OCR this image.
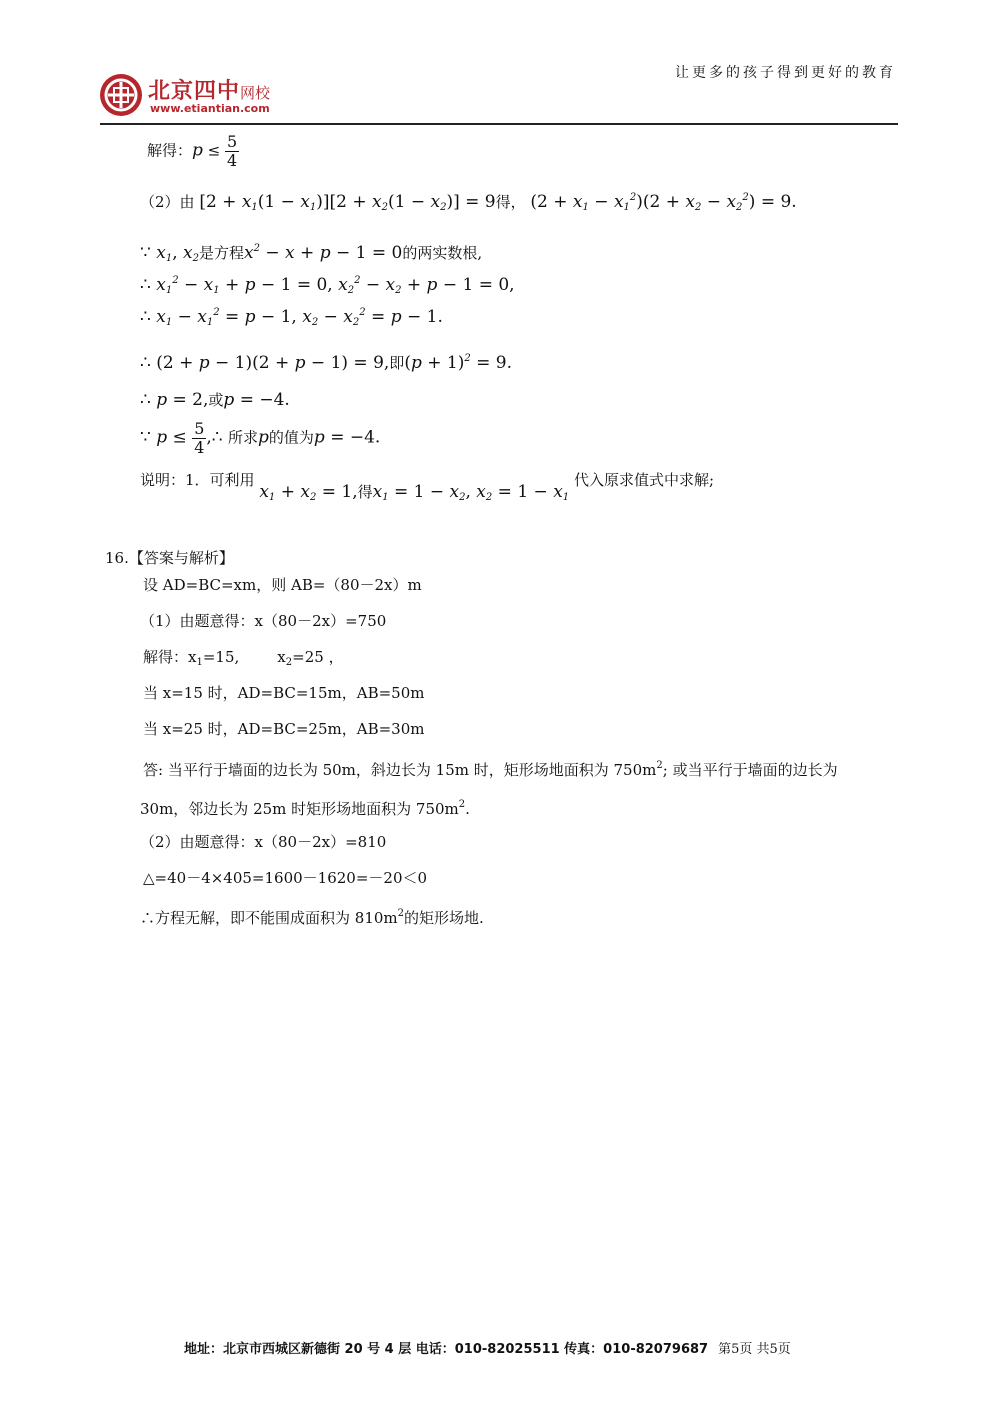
北京四中网校
www.etiantian.com
让更多的孩子得到更好的教育
解得：$p \le \frac{5}{4}$
（2）由 $[2 + x_1(1 - x_1)][2 + x_2(1 - x_2)] = 9$得， $(2 + x_1 - x_1^2)(2 + x_2 - x_2^2) = 9$.
∵ $x_1$, $x_2$是方程$x^2 - x + p - 1 = 0$的两实数根,
∴ $x_1^2 - x_1 + p - 1 = 0$, $x_2^2 - x_2 + p - 1 = 0$,
∴ $x_1 - x_1^2 = p - 1$, $x_2 - x_2^2 = p - 1$.
∴ (2 + p − 1)(2 + p − 1) = 9,即$(p + 1)^2 = 9$.
∴ p = 2,或p = −4.
∵ $p \le \frac{5}{4}$ ,∴ 所求p的值为p = −4.
说明：1．可利用 $x_1 + x_2 = 1$,得$x_1 = 1 - x_2$, $x_2 = 1 - x_1$ 代入原求值式中求解;
16.【答案与解析】
设 AD=BC=xm，则 AB=（80－2x）m
（1）由题意得：x（80－2x）=750
解得：$x_1=15$,	$x_2=25$ ，
当 x=15 时，AD=BC=15m，AB=50m
当 x=25 时，AD=BC=25m，AB=30m
答: 当平行于墙面的边长为 50m，斜边长为 15m 时，矩形场地面积为 $750m^2$; 或当平行于墙面的边长为
30m，邻边长为 25m 时矩形场地面积为 $750m^2$.
（2）由题意得：x（80－2x）=810
△=40－4×405=1600－1620=－20＜0
∴方程无解，即不能围成面积为 $810m^2$的矩形场地.
地址：北京市西城区新德街 20 号 4 层 电话：010-82025511 传真：010-82079687 第5页 共5页
